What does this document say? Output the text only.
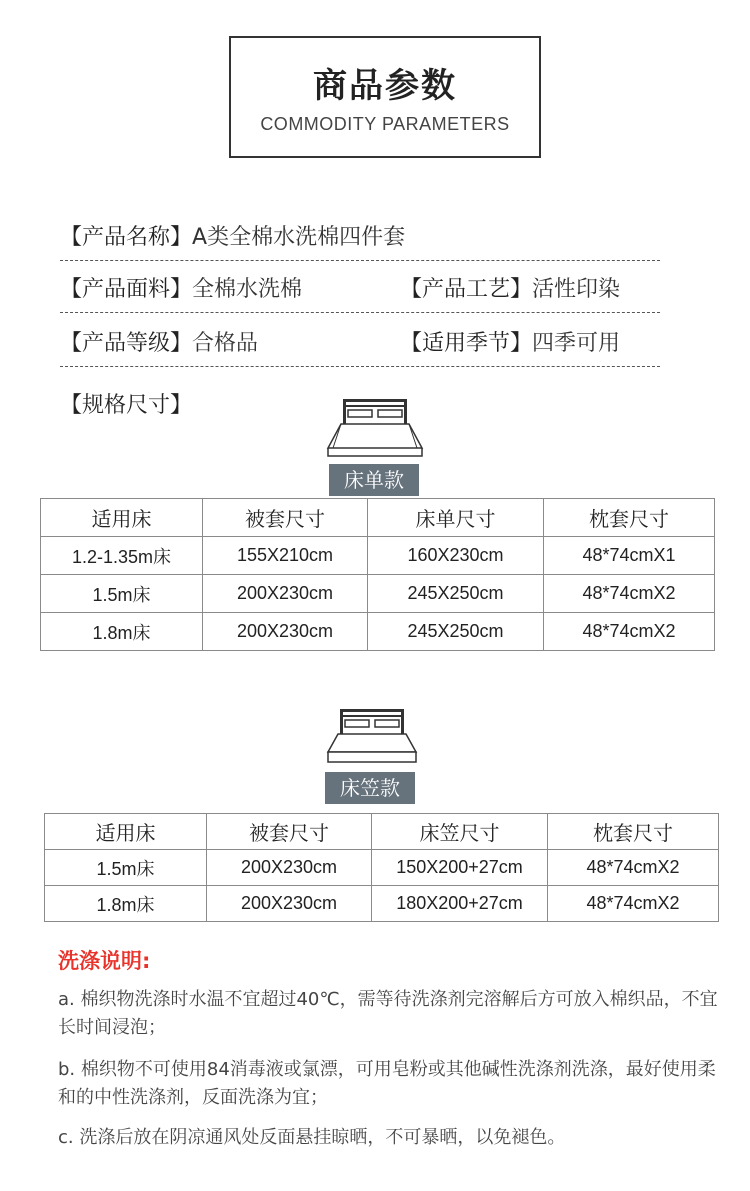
商品参数
COMMODITY PARAMETERS
【产品名称】A类全棉水洗棉四件套
【产品面料】全棉水洗棉	【产品工艺】活性印染
【产品等级】合格品	【适用季节】四季可用
【规格尺寸】
床单款
适用床	被套尺寸	床单尺寸	枕套尺寸
1.2-1.35m床	155X210cm	160X230cm	48*74cmX1
1.5m床	200X230cm	245X250cm	48*74cmX2
1.8m床	200X230cm	245X250cm	48*74cmX2
床笠款
适用床	被套尺寸	床笠尺寸	枕套尺寸
1.5m床	200X230cm	150X200+27cm	48*74cmX2
1.8m床	200X230cm	180X200+27cm	48*74cmX2
洗涤说明:
a. 棉织物洗涤时水温不宜超过40℃，需等待洗涤剂完溶解后方可放入棉织品，不宜长时间浸泡；
b. 棉织物不可使用84消毒液或氯漂，可用皂粉或其他碱性洗涤剂洗涤，最好使用柔和的中性洗涤剂，反面洗涤为宜；
c. 洗涤后放在阴凉通风处反面悬挂晾晒，不可暴晒，以免褪色。
